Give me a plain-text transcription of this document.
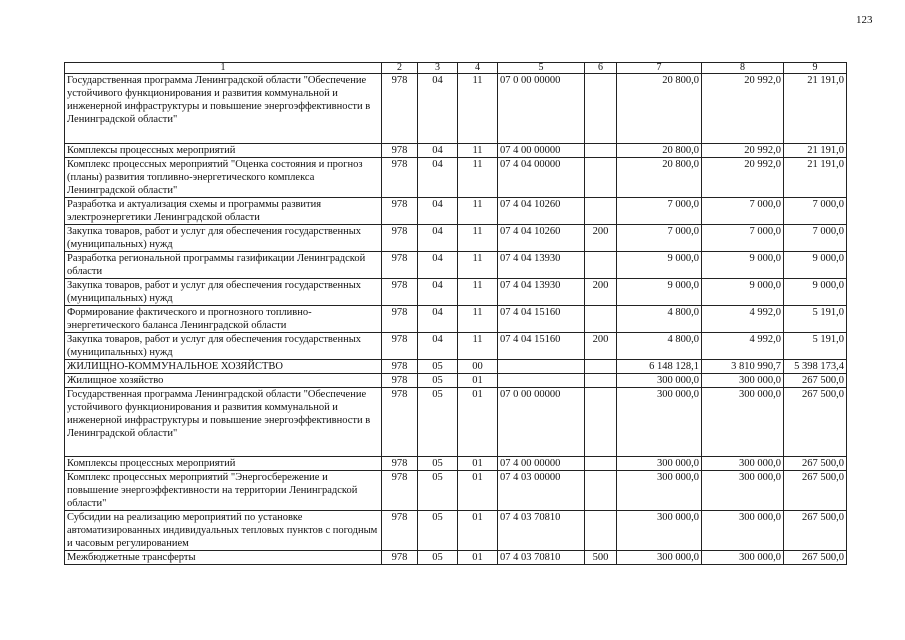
123
1	2	3	4	5	6	7	8	9
Государственная программа Ленинградской области "Обеспечение устойчивого функционирования и развития коммунальной и инженерной инфраструктуры и повышение энергоэффективности в Ленинградской области"	978	04	11	07 0 00 00000		20 800,0	20 992,0	21 191,0
Комплексы процессных мероприятий	978	04	11	07 4 00 00000		20 800,0	20 992,0	21 191,0
Комплекс процессных мероприятий "Оценка состояния и прогноз (планы) развития топливно-энергетического комплекса Ленинградской области"	978	04	11	07 4 04 00000		20 800,0	20 992,0	21 191,0
Разработка и актуализация схемы и программы развития электроэнергетики Ленинградской области	978	04	11	07 4 04 10260		7 000,0	7 000,0	7 000,0
Закупка товаров, работ и услуг для обеспечения государственных (муниципальных) нужд	978	04	11	07 4 04 10260	200	7 000,0	7 000,0	7 000,0
Разработка региональной программы газификации Ленинградской области	978	04	11	07 4 04 13930		9 000,0	9 000,0	9 000,0
Закупка товаров, работ и услуг для обеспечения государственных (муниципальных) нужд	978	04	11	07 4 04 13930	200	9 000,0	9 000,0	9 000,0
Формирование фактического и прогнозного топливно-энергетического баланса Ленинградской области	978	04	11	07 4 04 15160		4 800,0	4 992,0	5 191,0
Закупка товаров, работ и услуг для обеспечения государственных (муниципальных) нужд	978	04	11	07 4 04 15160	200	4 800,0	4 992,0	5 191,0
ЖИЛИЩНО-КОММУНАЛЬНОЕ ХОЗЯЙСТВО	978	05	00			6 148 128,1	3 810 990,7	5 398 173,4
Жилищное хозяйство	978	05	01			300 000,0	300 000,0	267 500,0
Государственная программа Ленинградской области "Обеспечение устойчивого функционирования и развития коммунальной и инженерной инфраструктуры и повышение энергоэффективности в Ленинградской области"	978	05	01	07 0 00 00000		300 000,0	300 000,0	267 500,0
Комплексы процессных мероприятий	978	05	01	07 4 00 00000		300 000,0	300 000,0	267 500,0
Комплекс процессных мероприятий "Энергосбережение и повышение энергоэффективности на территории Ленинградской области"	978	05	01	07 4 03 00000		300 000,0	300 000,0	267 500,0
Субсидии на реализацию мероприятий по установке автоматизированных индивидуальных тепловых пунктов с погодным и часовым регулированием	978	05	01	07 4 03 70810		300 000,0	300 000,0	267 500,0
Межбюджетные трансферты	978	05	01	07 4 03 70810	500	300 000,0	300 000,0	267 500,0
